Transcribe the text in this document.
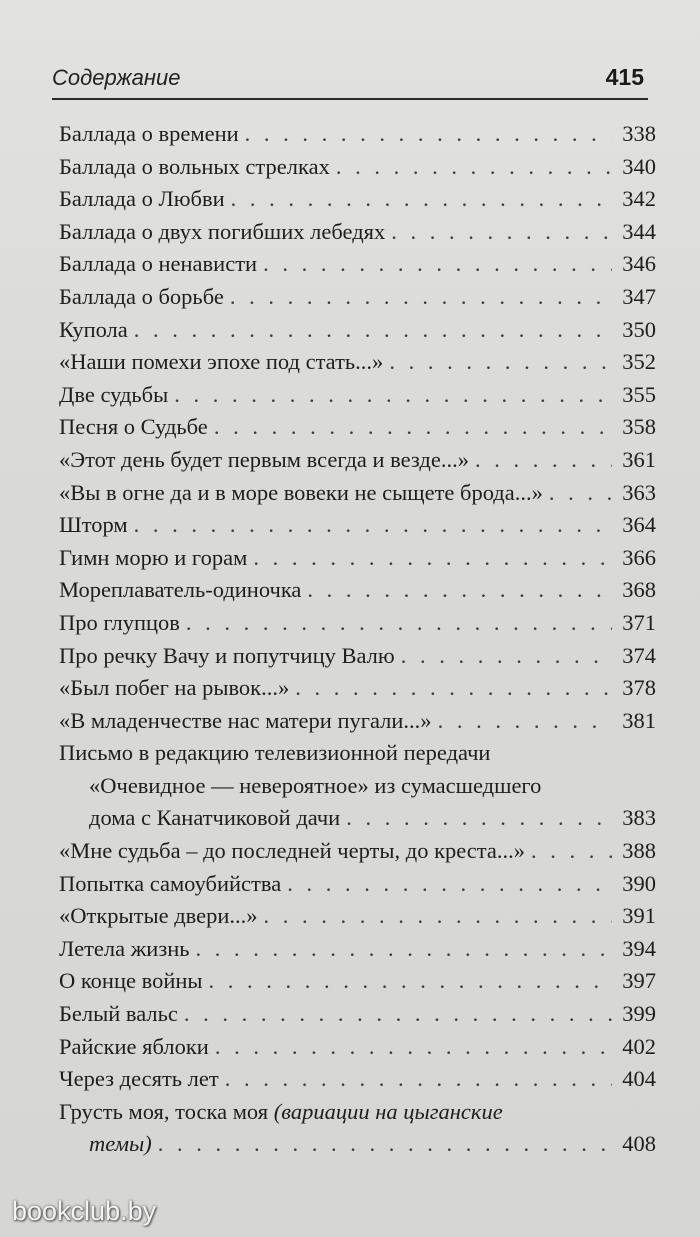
Содержание	415
Баллада о времени . . .	338
Баллада о вольных стрелках . . .	340
Баллада о Любви . . .	342
Баллада о двух погибших лебедях . . .	344
Баллада о ненависти . . .	346
Баллада о борьбе . . .	347
Купола . . .	350
«Наши помехи эпохе под стать...» . . .	352
Две судьбы . . .	355
Песня о Судьбе . . .	358
«Этот день будет первым всегда и везде...» . . .	361
«Вы в огне да и в море вовеки не сыщете брода...» . . .	363
Шторм . . .	364
Гимн морю и горам . . .	366
Мореплаватель-одиночка . . .	368
Про глупцов . . .	371
Про речку Вачу и попутчицу Валю . . .	374
«Был побег на рывок...» . . .	378
«В младенчестве нас матери пугали...» . . .	381
Письмо в редакцию телевизионной передачи
«Очевидное — невероятное» из сумасшедшего
дома с Канатчиковой дачи . . .	383
«Мне судьба – до последней черты, до креста...» . . .	388
Попытка самоубийства . . .	390
«Открытые двери...» . . .	391
Летела жизнь . . .	394
О конце войны . . .	397
Белый вальс . . .	399
Райские яблоки . . .	402
Через десять лет . . .	404
Грусть моя, тоска моя
(вариации на цыганские
темы) . . .	408
bookclub.by
